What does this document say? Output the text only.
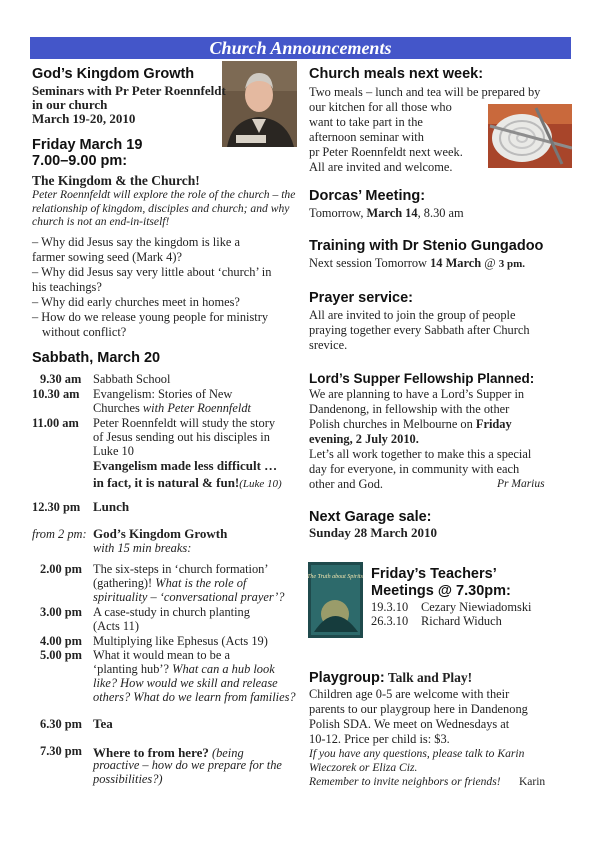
Church Announcements
God’s Kingdom Growth
Seminars with Pr Peter Roennfeldt
in our church
March 19-20, 2010
Friday March 19
7.00–9.00 pm:
The Kingdom & the Church!
Peter Roennfeldt will explore the role of the church – the relationship of kingdom, disciples and church; and why church is not an end-in-itself!
– Why did Jesus say the kingdom is like a
farmer sowing seed (Mark 4)?
– Why did Jesus say very little about ‘church’ in
his teachings?
– Why did early churches meet in homes?
– How do we release young people for ministry
without conflict?
Sabbath, March 20
9.30 am Sabbath School
10.30 am Evangelism: Stories of New
Churches with Peter Roennfeldt
11.00 am Peter Roennfeldt will study the story
of Jesus sending out his disciples in
Luke 10
Evangelism made less difficult …
in fact, it is natural & fun!(Luke 10)
12.30 pm Lunch
from 2 pm: God’s Kingdom Growth
with 15 min breaks:
2.00 pm The six-steps in ‘church formation’
(gathering)! What is the role of
spirituality – ‘conversational prayer’?
3.00 pm A case-study in church planting
(Acts 11)
4.00 pm Multiplying like Ephesus (Acts 19)
5.00 pm What it would mean to be a
‘planting hub’? What can a hub look
like? How would we skill and release
others? What do we learn from families?
6.30 pm Tea
7.30 pm Where to from here? (being
proactive – how do we prepare for the
possibilities?)
Church meals next week:
Two meals – lunch and tea will be prepared by
our kitchen for all those who
want to take part in the
afternoon seminar with
pr Peter Roennfeldt next week.
All are invited and welcome.
Dorcas’ Meeting:
Tomorrow, March 14, 8.30 am
Training with Dr Stenio Gungadoo
Next session Tomorrow 14 March @ 3 pm.
Prayer service:
All are invited to join the group of people
praying together every Sabbath after Church
srevice.
Lord’s Supper Fellowship Planned:
We are planning to have a Lord’s Supper in
Dandenong, in fellowship with the other
Polish churches in Melbourne on Friday
evening, 2 July 2010.
Let’s all work together to make this a special
day for everyone, in community with each
other and God.	Pr Marius
Next Garage sale:
Sunday 28 March 2010
The Truth about Spirits Friday’s Teachers’
Meetings @ 7.30pm:
19.3.10 Cezary Niewiadomski
26.3.10 Richard Widuch
Playgroup: Talk and Play!
Children age 0-5 are welcome with their
parents to our playgroup here in Dandenong
Polish SDA. We meet on Wednesdays at
10-12. Price per child is: $3.
If you have any questions, please talk to Karin
Wieczorek or Eliza Ciz.
Remember to invite neighbors or friends! Karin
